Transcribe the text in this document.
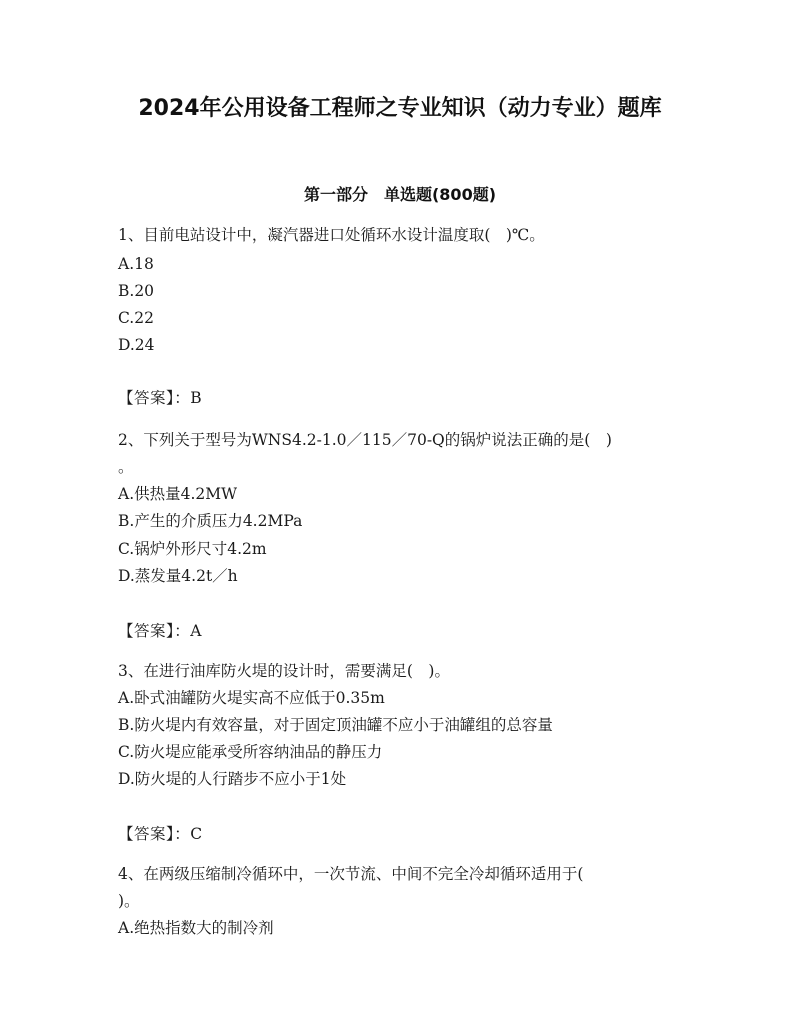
2024年公用设备工程师之专业知识（动力专业）题库
第一部分　单选题(800题)
1、目前电站设计中，凝汽器进口处循环水设计温度取(　)℃。
A.18
B.20
C.22
D.24
【答案】：B
2、下列关于型号为WNS4.2-1.0／115／70-Q的锅炉说法正确的是(　)
。
A.供热量4.2MW
B.产生的介质压力4.2MPa
C.锅炉外形尺寸4.2m
D.蒸发量4.2t／h
【答案】：A
3、在进行油库防火堤的设计时，需要满足(　)。
A.卧式油罐防火堤实高不应低于0.35m
B.防火堤内有效容量，对于固定顶油罐不应小于油罐组的总容量
C.防火堤应能承受所容纳油品的静压力
D.防火堤的人行踏步不应小于1处
【答案】：C
4、在两级压缩制冷循环中，一次节流、中间不完全冷却循环适用于(
)。
A.绝热指数大的制冷剂
